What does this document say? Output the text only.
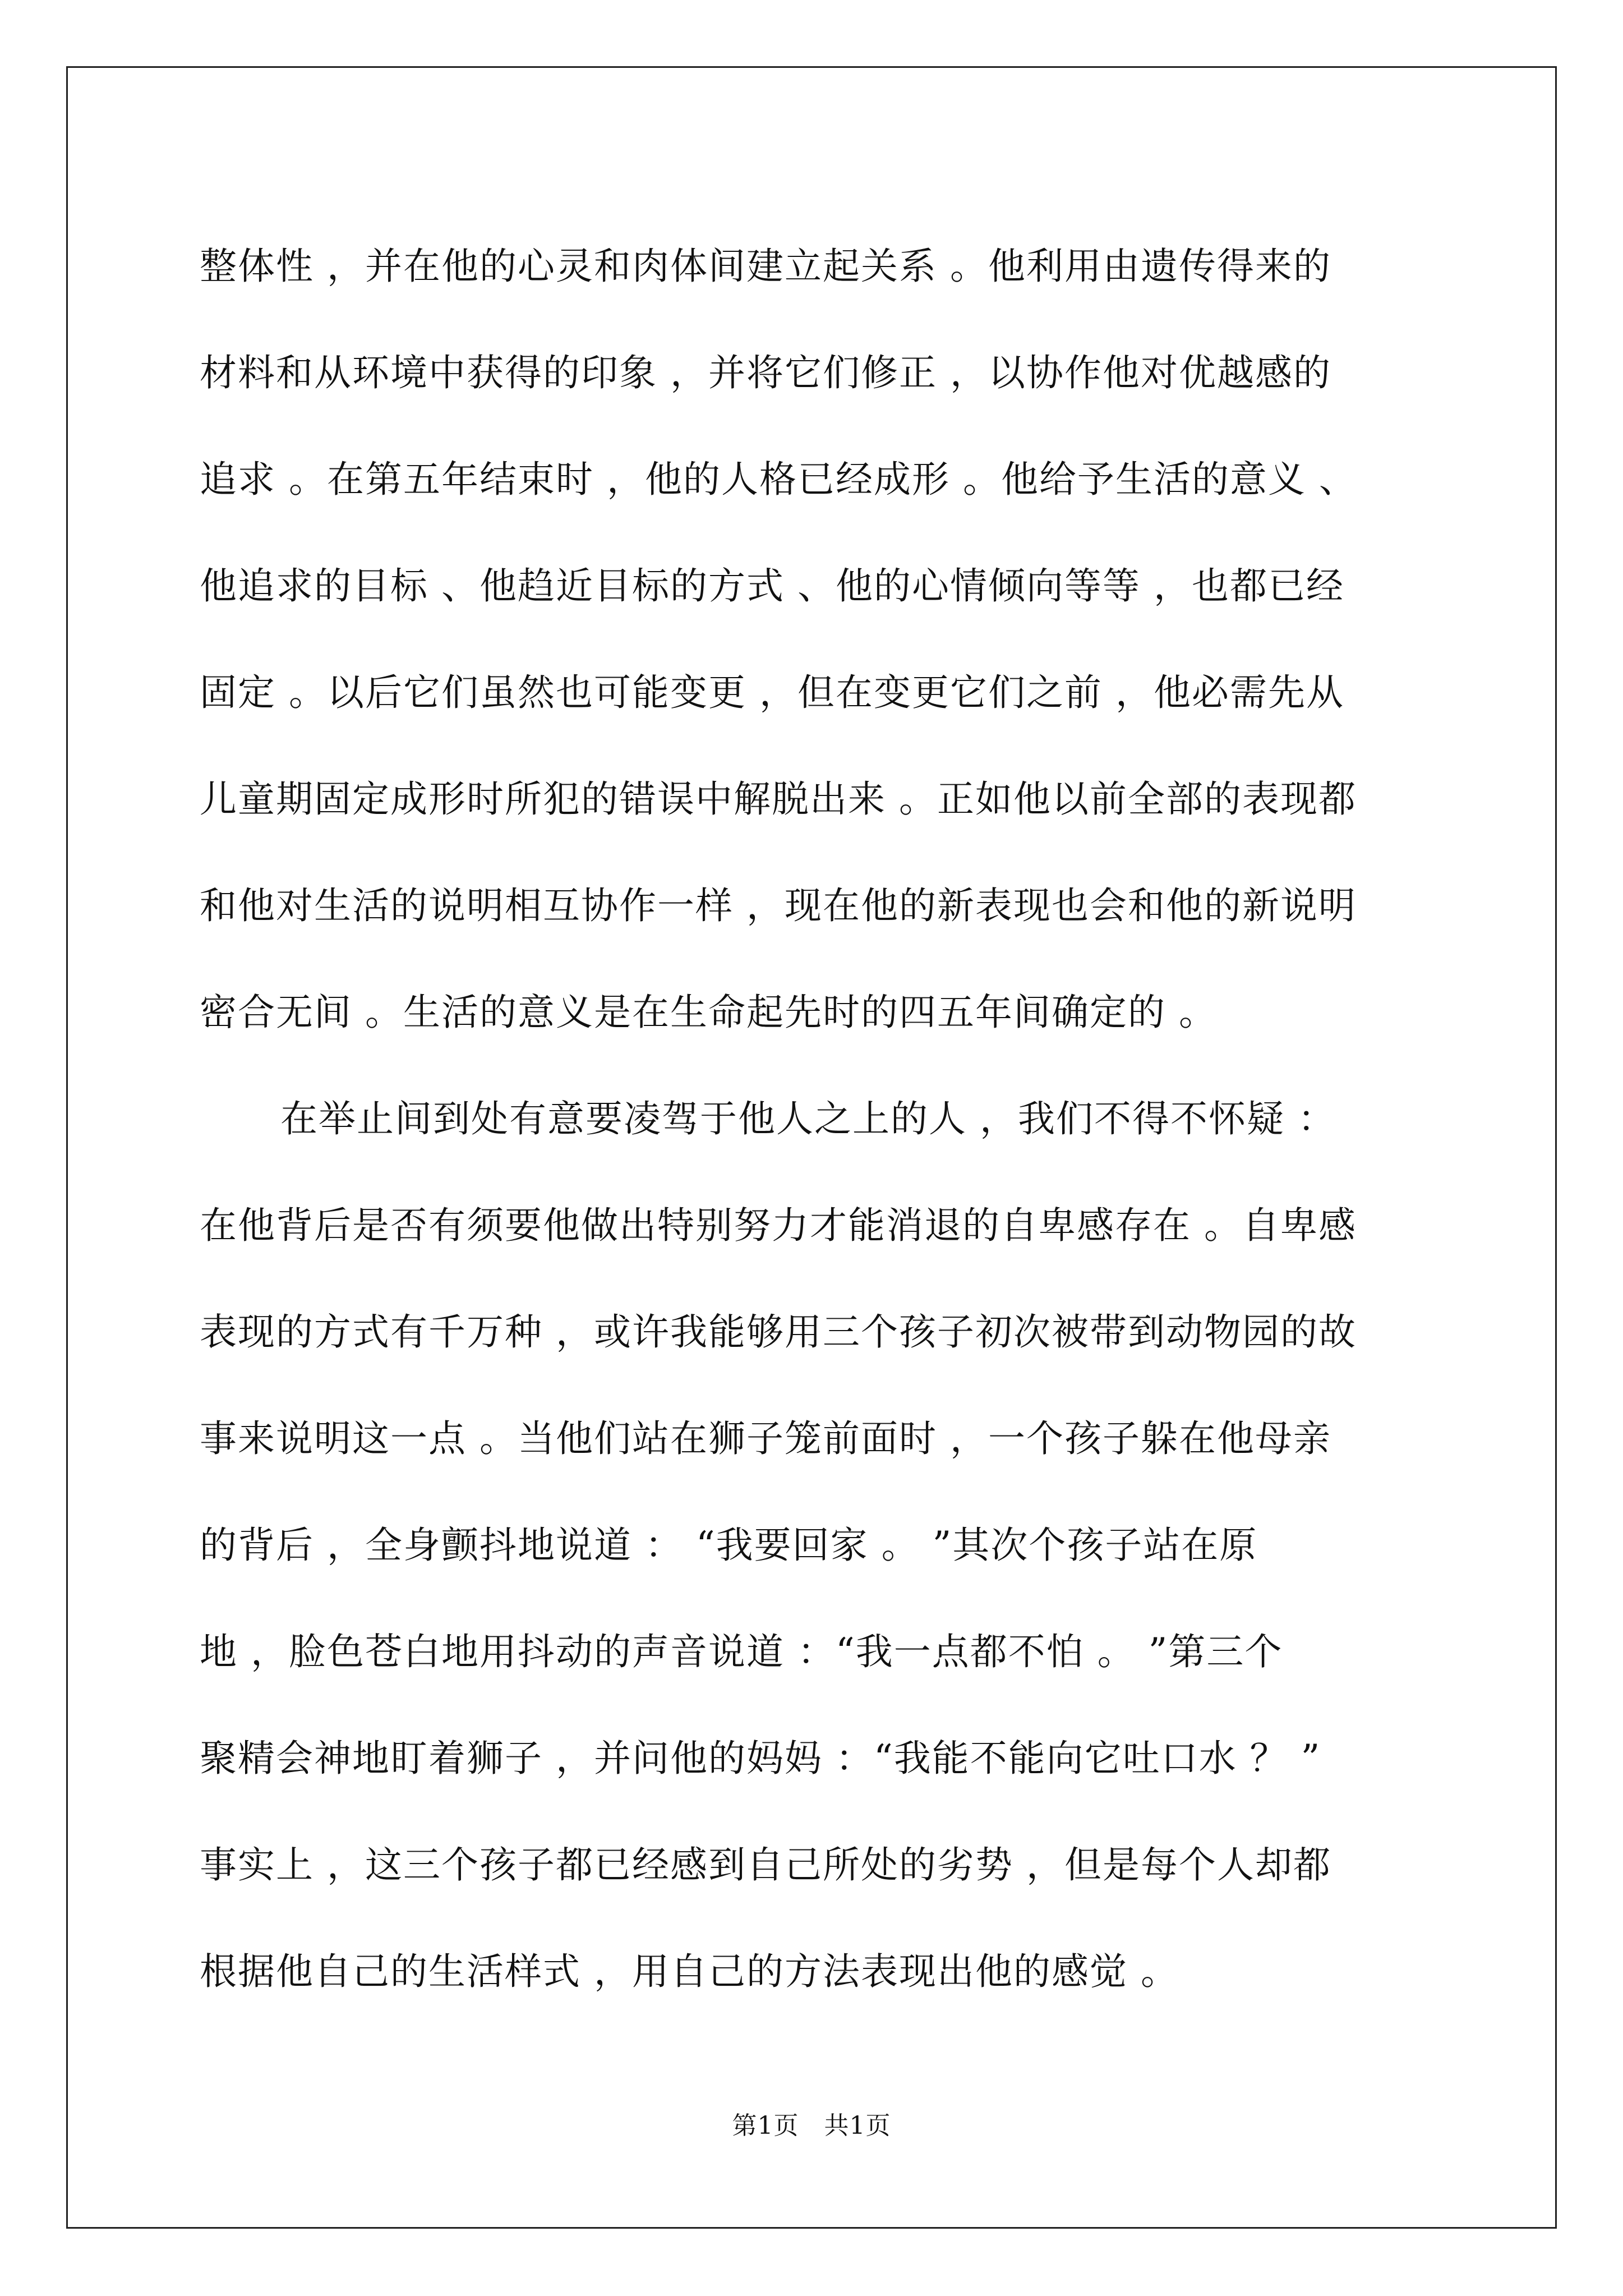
整体性 ，并在他的心灵和肉体间建立起关系 。他利用由遗传得来的
材料和从环境中获得的印象 ，并将它们修正 ，以协作他对优越感的
追求 。在第五年结束时 ，他的人格已经成形 。他给予生活的意义 、
他追求的目标 、他趋近目标的方式 、他的心情倾向等等 ，也都已经
固定 。以后它们虽然也可能变更 ，但在变更它们之前 ，他必需先从
儿童期固定成形时所犯的错误中解脱出来 。正如他以前全部的表现都
和他对生活的说明相互协作一样 ，现在他的新表现也会和他的新说明
密合无间 。生活的意义是在生命起先时的四五年间确定的 。
在举止间到处有意要凌驾于他人之上的人 ，我们不得不怀疑 ：
在他背后是否有须要他做出特别努力才能消退的自卑感存在 。自卑感
表现的方式有千万种 ，或许我能够用三个孩子初次被带到动物园的故
事来说明这一点 。当他们站在狮子笼前面时 ，一个孩子躲在他母亲
的背后 ，全身颤抖地说道 ： “我要回家 。 ”其次个孩子站在原
地 ，脸色苍白地用抖动的声音说道 ：“我一点都不怕 。 ”第三个
聚精会神地盯着狮子 ，并问他的妈妈 ：“我能不能向它吐口水 ？ ”
事实上 ，这三个孩子都已经感到自己所处的劣势 ，但是每个人却都
根据他自己的生活样式 ，用自己的方法表现出他的感觉 。
第1页　共1页
